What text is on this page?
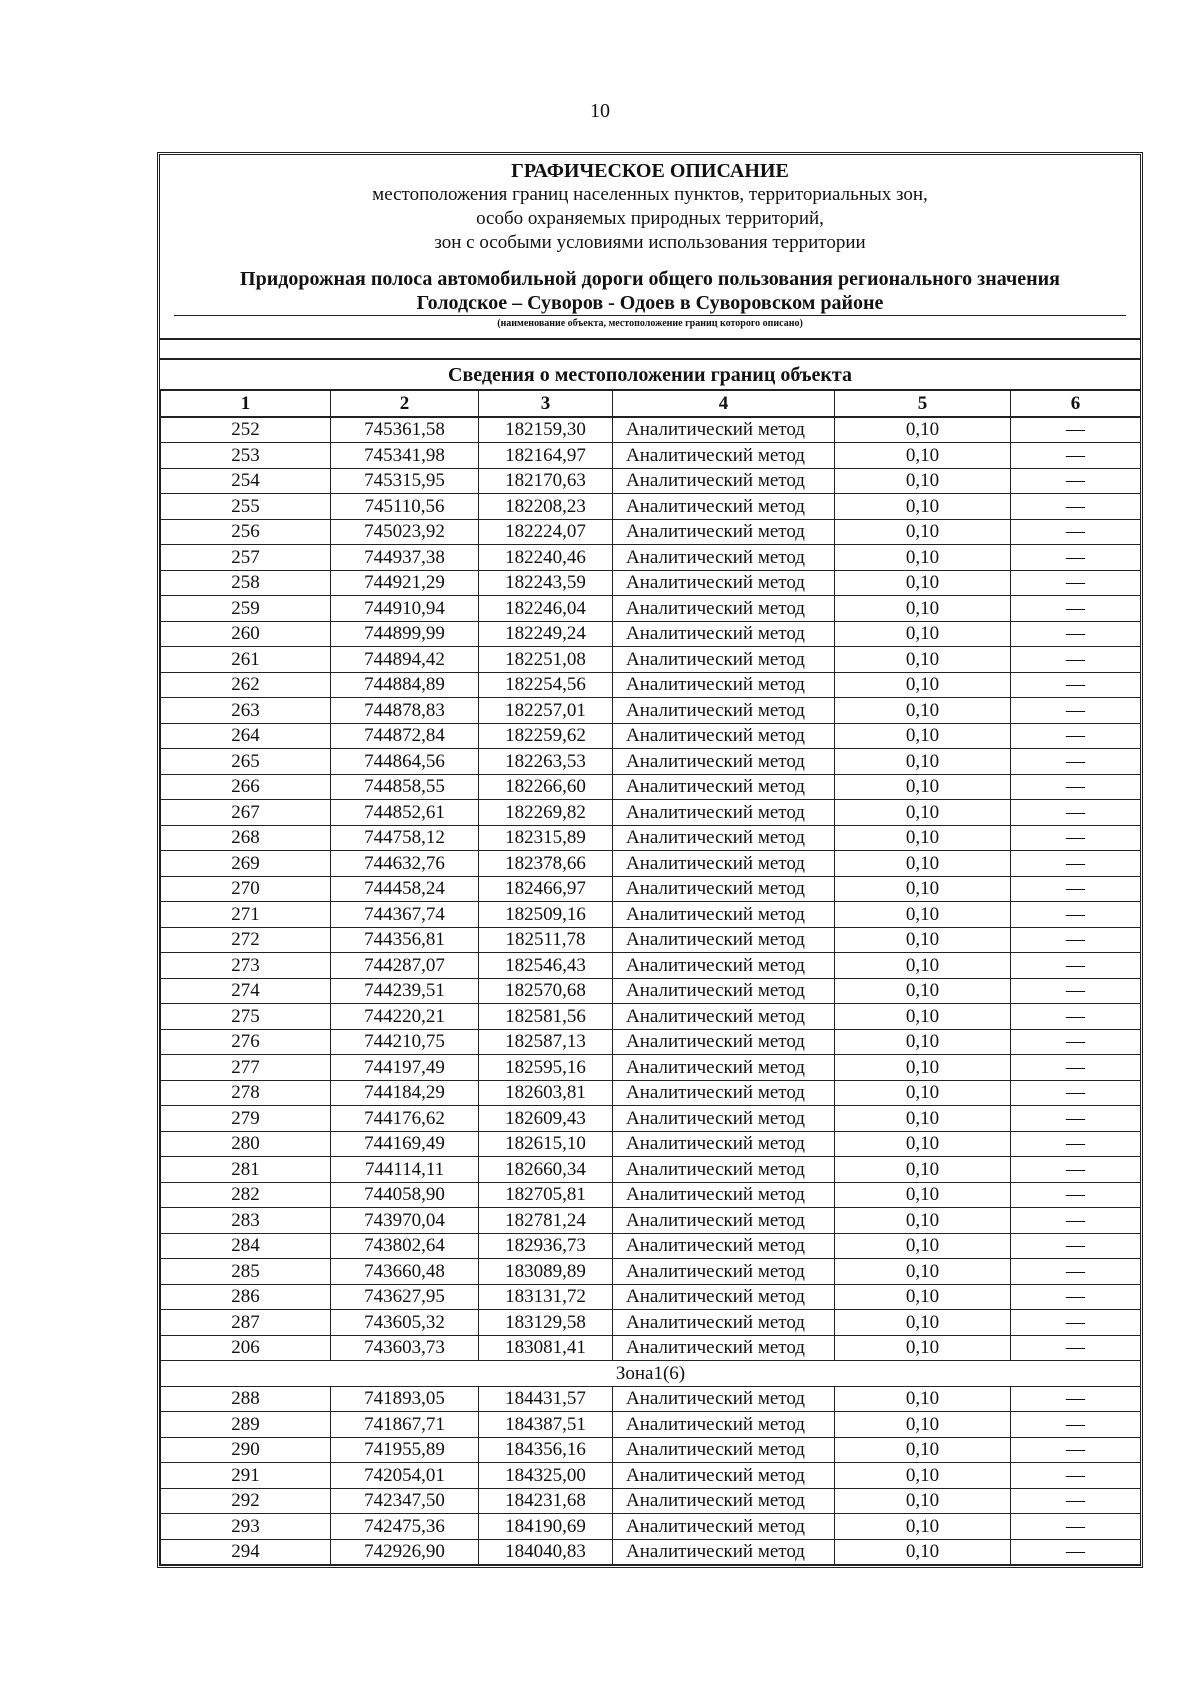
10
ГРАФИЧЕСКОЕ ОПИСАНИЕ
местоположения границ населенных пунктов, территориальных зон,
особо охраняемых природных территорий,
зон с особыми условиями использования территории
Придорожная полоса автомобильной дороги общего пользования регионального значения
Голодское – Суворов - Одоев в Суворовском районе
(наименование объекта, местоположение границ которого описано)
Сведения о местоположении границ объекта
1	2	3	4	5	6
252	745361,58	182159,30	Аналитический метод	0,10	—
253	745341,98	182164,97	Аналитический метод	0,10	—
254	745315,95	182170,63	Аналитический метод	0,10	—
255	745110,56	182208,23	Аналитический метод	0,10	—
256	745023,92	182224,07	Аналитический метод	0,10	—
257	744937,38	182240,46	Аналитический метод	0,10	—
258	744921,29	182243,59	Аналитический метод	0,10	—
259	744910,94	182246,04	Аналитический метод	0,10	—
260	744899,99	182249,24	Аналитический метод	0,10	—
261	744894,42	182251,08	Аналитический метод	0,10	—
262	744884,89	182254,56	Аналитический метод	0,10	—
263	744878,83	182257,01	Аналитический метод	0,10	—
264	744872,84	182259,62	Аналитический метод	0,10	—
265	744864,56	182263,53	Аналитический метод	0,10	—
266	744858,55	182266,60	Аналитический метод	0,10	—
267	744852,61	182269,82	Аналитический метод	0,10	—
268	744758,12	182315,89	Аналитический метод	0,10	—
269	744632,76	182378,66	Аналитический метод	0,10	—
270	744458,24	182466,97	Аналитический метод	0,10	—
271	744367,74	182509,16	Аналитический метод	0,10	—
272	744356,81	182511,78	Аналитический метод	0,10	—
273	744287,07	182546,43	Аналитический метод	0,10	—
274	744239,51	182570,68	Аналитический метод	0,10	—
275	744220,21	182581,56	Аналитический метод	0,10	—
276	744210,75	182587,13	Аналитический метод	0,10	—
277	744197,49	182595,16	Аналитический метод	0,10	—
278	744184,29	182603,81	Аналитический метод	0,10	—
279	744176,62	182609,43	Аналитический метод	0,10	—
280	744169,49	182615,10	Аналитический метод	0,10	—
281	744114,11	182660,34	Аналитический метод	0,10	—
282	744058,90	182705,81	Аналитический метод	0,10	—
283	743970,04	182781,24	Аналитический метод	0,10	—
284	743802,64	182936,73	Аналитический метод	0,10	—
285	743660,48	183089,89	Аналитический метод	0,10	—
286	743627,95	183131,72	Аналитический метод	0,10	—
287	743605,32	183129,58	Аналитический метод	0,10	—
206	743603,73	183081,41	Аналитический метод	0,10	—
Зона1(6)					
288	741893,05	184431,57	Аналитический метод	0,10	—
289	741867,71	184387,51	Аналитический метод	0,10	—
290	741955,89	184356,16	Аналитический метод	0,10	—
291	742054,01	184325,00	Аналитический метод	0,10	—
292	742347,50	184231,68	Аналитический метод	0,10	—
293	742475,36	184190,69	Аналитический метод	0,10	—
294	742926,90	184040,83	Аналитический метод	0,10	—
